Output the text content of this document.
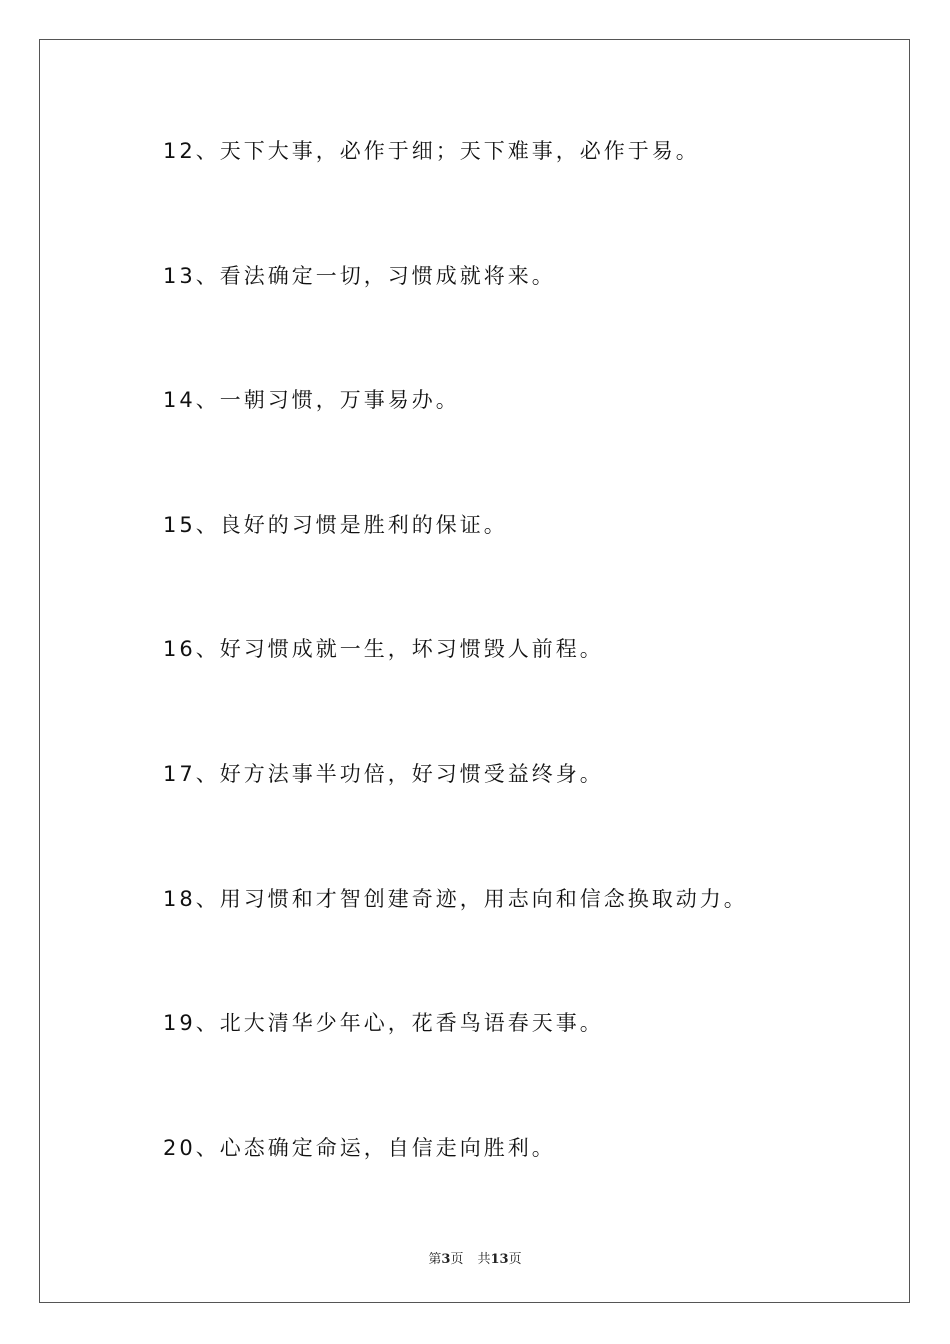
12、天下大事，必作于细；天下难事，必作于易。
13、看法确定一切，习惯成就将来。
14、一朝习惯，万事易办。
15、良好的习惯是胜利的保证。
16、好习惯成就一生，坏习惯毁人前程。
17、好方法事半功倍，好习惯受益终身。
18、用习惯和才智创建奇迹，用志向和信念换取动力。
19、北大清华少年心，花香鸟语春天事。
20、心态确定命运，自信走向胜利。
第3页 共13页
